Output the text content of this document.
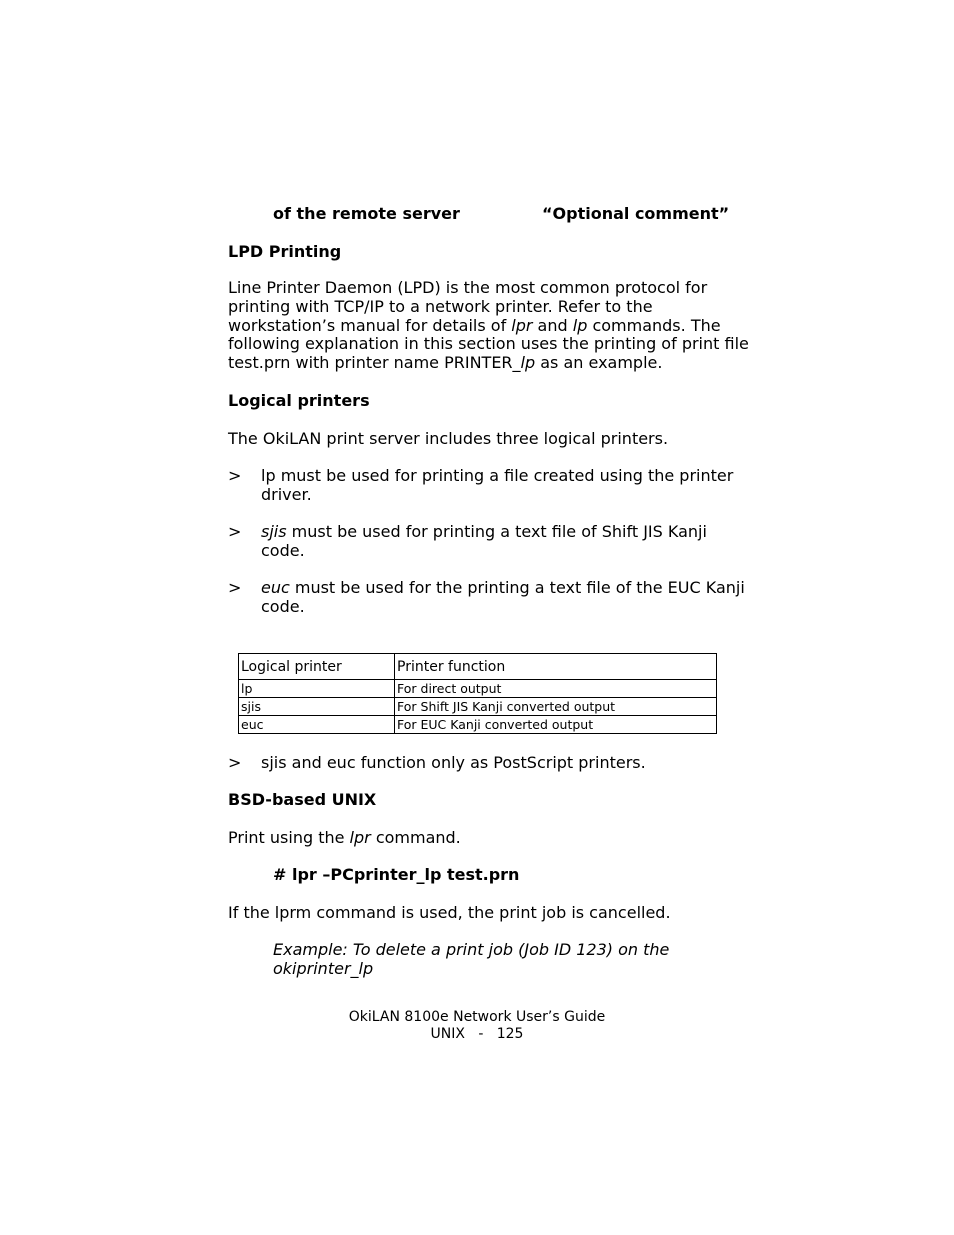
of the remote server	“Optional comment”
LPD Printing
Line Printer Daemon (LPD) is the most common protocol for
printing with TCP/IP to a network printer. Refer to the
workstation’s manual for details of lpr and lp commands. The
following explanation in this section uses the printing of print file
test.prn with printer name PRINTER_lp as an example.
Logical printers
The OkiLAN print server includes three logical printers.
> lp must be used for printing a file created using the printer
driver.
> sjis must be used for printing a text file of Shift JIS Kanji
code.
> euc must be used for the printing a text file of the EUC Kanji
code.
Logical printer	Printer function
lp	For direct output
sjis	For Shift JIS Kanji converted output
euc	For EUC Kanji converted output
> sjis and euc function only as PostScript printers.
BSD-based UNIX
Print using the lpr command.
# lpr –PCprinter_lp test.prn
If the lprm command is used, the print job is cancelled.
Example: To delete a print job (Job ID 123) on the
okiprinter_lp
OkiLAN 8100e Network User’s Guide
UNIX   -   125
